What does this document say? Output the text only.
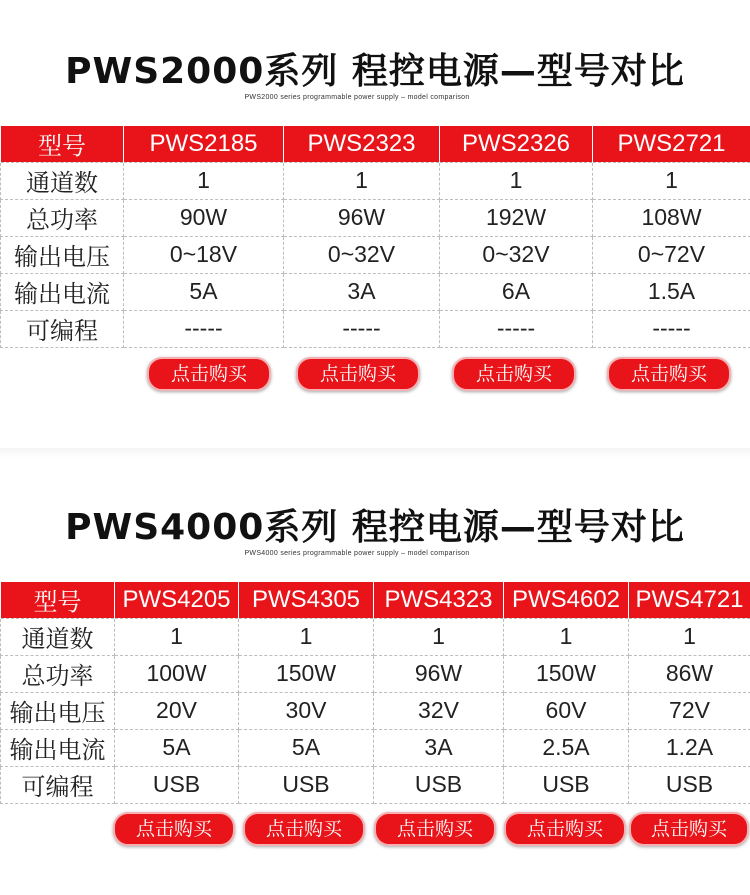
PWS2000系列 程控电源—型号对比
PWS2000 series programmable power supply – model comparison
型号	PWS2185	PWS2323	PWS2326	PWS2721
通道数	1	1	1	1
总功率	90W	96W	192W	108W
输出电压	0~18V	0~32V	0~32V	0~72V
输出电流	5A	3A	6A	1.5A
可编程	-----	-----	-----	-----
点击购买	点击购买	点击购买	点击购买
PWS4000系列 程控电源—型号对比
PWS4000 series programmable power supply – model comparison
型号	PWS4205	PWS4305	PWS4323	PWS4602	PWS4721
通道数	1	1	1	1	1
总功率	100W	150W	96W	150W	86W
输出电压	20V	30V	32V	60V	72V
输出电流	5A	5A	3A	2.5A	1.2A
可编程	USB	USB	USB	USB	USB
点击购买	点击购买	点击购买	点击购买	点击购买
